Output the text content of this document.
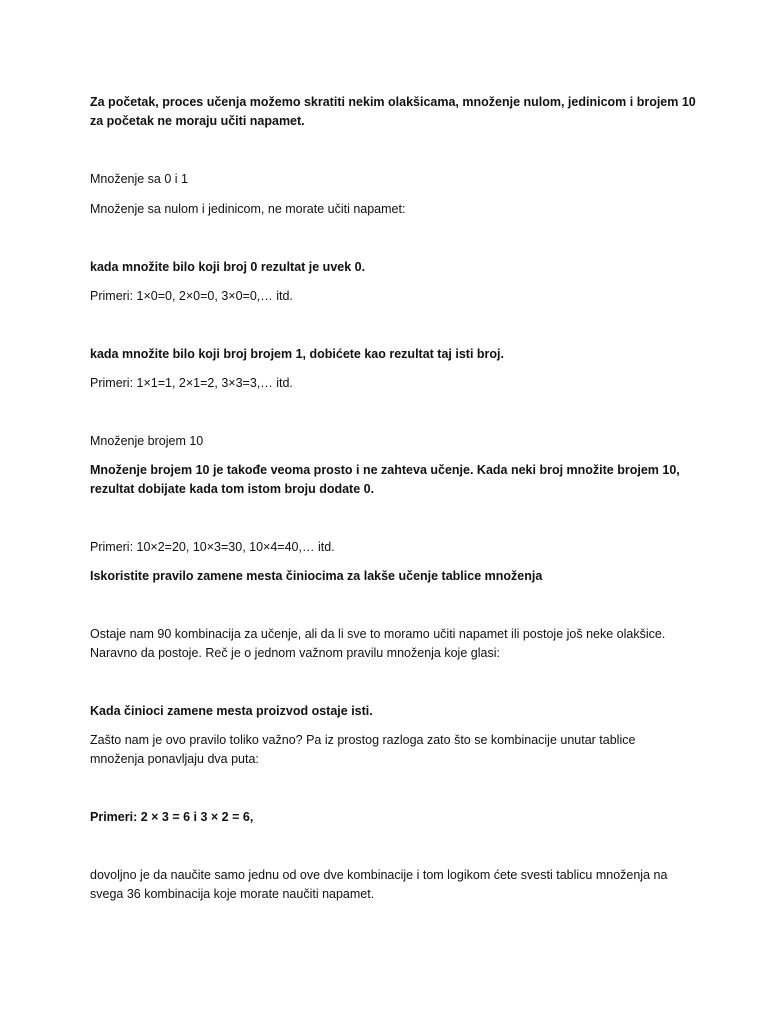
Za početak, proces učenja možemo skratiti nekim olakšicama, množenje nulom, jedinicom i brojem 10

za početak ne moraju učiti napamet.

Množenje sa 0 i 1

Množenje sa nulom i jedinicom, ne morate učiti napamet:

kada množite bilo koji broj 0 rezultat je uvek 0.

Primeri: 1×0=0, 2×0=0, 3×0=0,… itd.

kada množite bilo koji broj brojem 1, dobićete kao rezultat taj isti broj.

Primeri: 1×1=1, 2×1=2, 3×3=3,… itd.

Množenje brojem 10

Množenje brojem 10 je takođe veoma prosto i ne zahteva učenje. Kada neki broj množite brojem 10,

rezultat dobijate kada tom istom broju dodate 0.

Primeri: 10×2=20, 10×3=30, 10×4=40,… itd.

Iskoristite pravilo zamene mesta činiocima za lakše učenje tablice množenja

Ostaje nam 90 kombinacija za učenje, ali da li sve to moramo učiti napamet ili postoje još neke olakšice.

Naravno da postoje. Reč je o jednom važnom pravilu množenja koje glasi:

Kada činioci zamene mesta proizvod ostaje isti.

Zašto nam je ovo pravilo toliko važno? Pa iz prostog razloga zato što se kombinacije unutar tablice

množenja ponavljaju dva puta:

Primeri: 2 × 3 = 6 i 3 × 2 = 6,

dovoljno je da naučite samo jednu od ove dve kombinacije i tom logikom ćete svesti tablicu množenja na

svega 36 kombinacija koje morate naučiti napamet.
